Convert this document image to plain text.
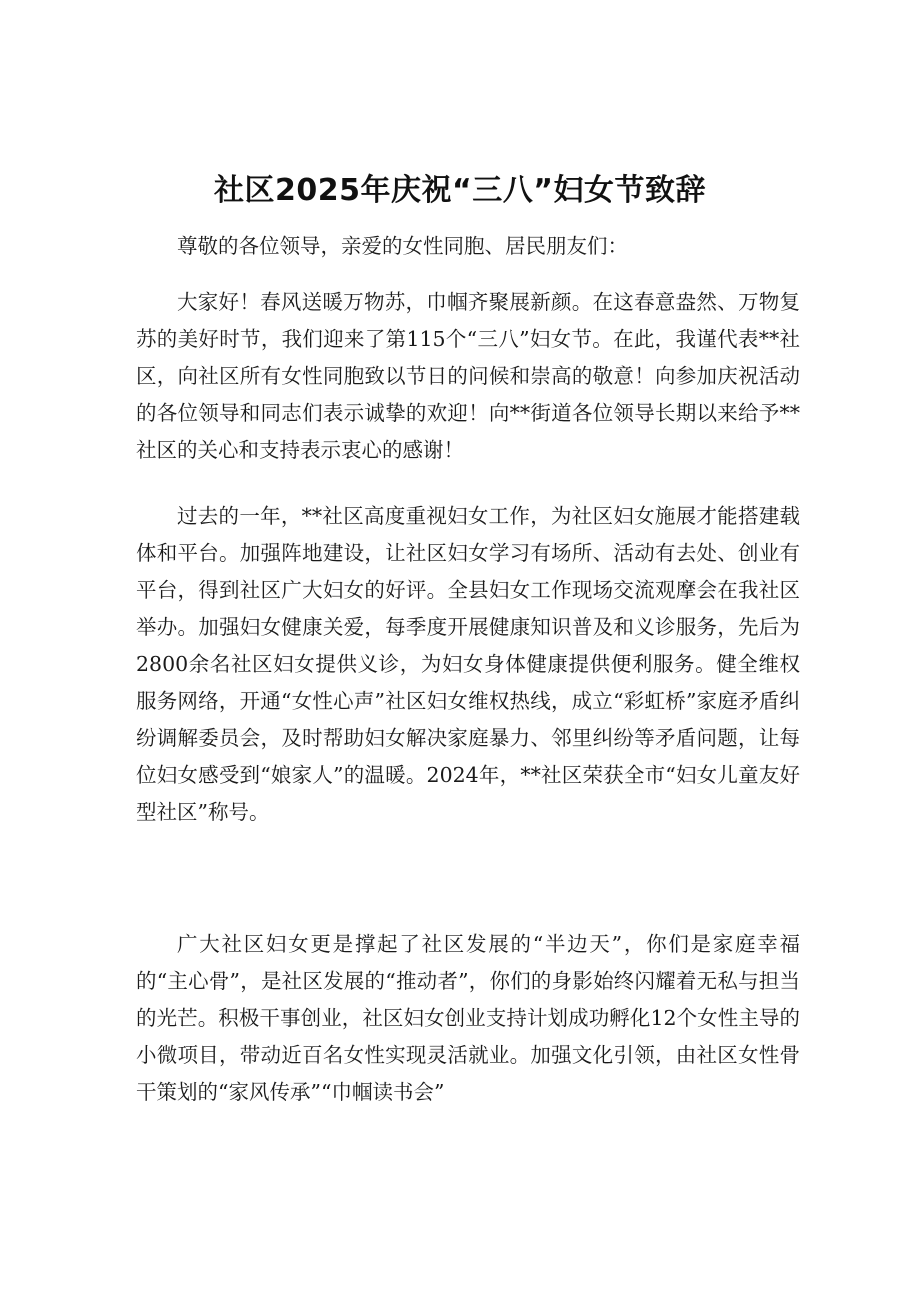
社区2025年庆祝“三八”妇女节致辞

尊敬的各位领导，亲爱的女性同胞、居民朋友们：

大家好！春风送暖万物苏，巾帼齐聚展新颜。在这春意盎然、万物复苏的美好时节，我们迎来了第115个“三八”妇女节。在此，我谨代表**社区，向社区所有女性同胞致以节日的问候和崇高的敬意！向参加庆祝活动的各位领导和同志们表示诚挚的欢迎！向**街道各位领导长期以来给予**社区的关心和支持表示衷心的感谢！

过去的一年，**社区高度重视妇女工作，为社区妇女施展才能搭建载体和平台。加强阵地建设，让社区妇女学习有场所、活动有去处、创业有平台，得到社区广大妇女的好评。全县妇女工作现场交流观摩会在我社区举办。加强妇女健康关爱，每季度开展健康知识普及和义诊服务，先后为2800余名社区妇女提供义诊，为妇女身体健康提供便利服务。健全维权服务网络，开通“女性心声”社区妇女维权热线，成立“彩虹桥”家庭矛盾纠纷调解委员会，及时帮助妇女解决家庭暴力、邻里纠纷等矛盾问题，让每位妇女感受到“娘家人”的温暖。2024年，**社区荣获全市“妇女儿童友好型社区”称号。

广大社区妇女更是撑起了社区发展的“半边天”，你们是家庭幸福的“主心骨”，是社区发展的“推动者”，你们的身影始终闪耀着无私与担当的光芒。积极干事创业，社区妇女创业支持计划成功孵化12个女性主导的小微项目，带动近百名女性实现灵活就业。加强文化引领，由社区女性骨干策划的“家风传承”“巾帼读书会”
